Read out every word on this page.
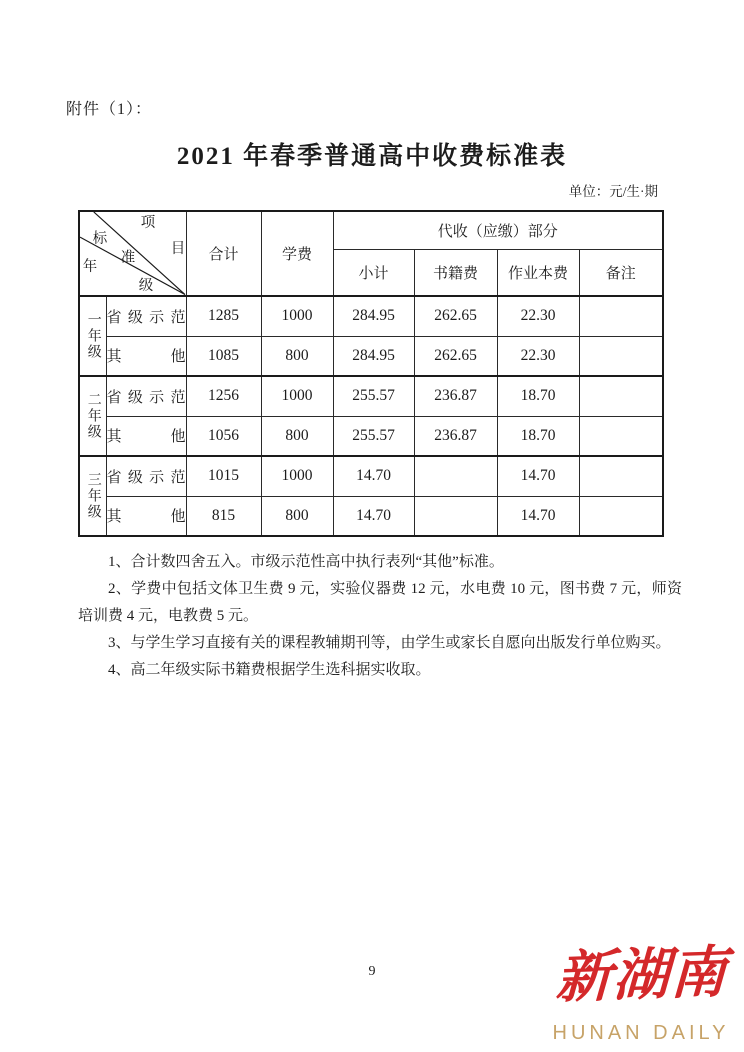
附件（1）：
2021 年春季普通高中收费标准表
单位：元/生·期
项
目
标
准
年
级
	合计	学费	代收（应缴）部分
				小计	书籍费	作业本费	备注
一年级	省级示范	1285	1000	284.95	262.65	22.30	
	其　他	1085	800	284.95	262.65	22.30	
二年级	省级示范	1256	1000	255.57	236.87	18.70	
	其　他	1056	800	255.57	236.87	18.70	
三年级	省级示范	1015	1000	14.70		14.70	
	其　他	815	800	14.70		14.70	

1、合计数四舍五入。市级示范性高中执行表列“其他”标准。

2、学费中包括文体卫生费 9 元，实验仪器费 12 元，水电费 10 元，图书费 7 元，师资培训费 4 元，电教费 5 元。

3、与学生学习直接有关的课程教辅期刊等，由学生或家长自愿向出版发行单位购买。

4、高二年级实际书籍费根据学生选科据实收取。

9	新湖南
HUNAN DAILY
